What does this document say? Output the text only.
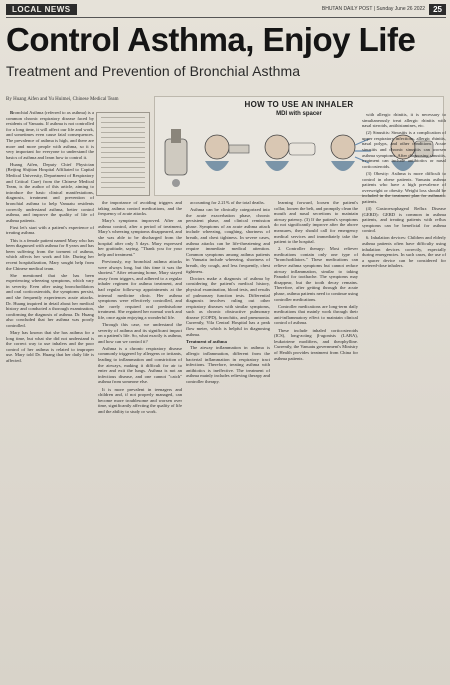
LOCAL NEWS	BHUTAN DAILY POST | Sunday June 26 2022	25
Control Asthma, Enjoy Life
Treatment and Prevention of Bronchial Asthma
By Huang Aifen and Yu Huimei, Chinese Medical Team
HOW TO USE AN INHALER
MDI with spacer

Bronchial Asthma (referred to as asthma) is a common chronic respiratory disease faced by residents of Vanuatu. If asthma is not controlled for a long time, it will affect our life and work, and sometimes even cause fatal consequences. The prevalence of asthma is high, and there are more and more people with asthma, so it is very important for everyone to understand the basics of asthma and learn how to control it.

Huang Aifen, Deputy Chief Physician (Beijing Shijitan Hospital Affiliated to Capital Medical University, Department of Respiratory and Critical Care) from the Chinese Medical Team, is the author of this article, aiming to introduce the basic clinical manifestations, diagnosis, treatment and prevention of bronchial asthma to help Vanuatu residents correctly understand asthma, better control asthma, and improve the quality of life of asthma patients.

First let's start with a patient's experience of treating asthma.

This is a female patient named Mary who has been diagnosed with asthma for 8 years and has been suffering from the torment of asthma, which affects her work and life. During her recent hospitalization, Mary sought help from the Chinese medical team.

She mentioned that she has been experiencing wheezing symptoms, which vary in severity. Even after using bronchodilators and oral corticosteroids, the symptoms persist, and she frequently experiences acute attacks. Dr. Huang inquired in detail about her medical history and conducted a thorough examination, confirming the diagnosis of asthma. Dr. Huang also concluded that her asthma was poorly controlled.

Mary has known that she has asthma for a long time, but what she did not understand is the correct way to use inhalers and the poor control of her asthma is related to improper use. Mary told Dr. Huang that her daily life is affected.

the importance of avoiding triggers and taking asthma control medications, and the frequency of acute attacks.

Mary's symptoms improved. After an asthma control, after a period of treatment, Mary's wheezing symptoms disappeared, and she was able to be discharged from the hospital after only 5 days. Mary expressed her gratitude, saying, "Thank you for your help and treatment."

Previously, my bronchial asthma attacks were always long, but this time it was the shortest." After returning home, Mary stayed away from triggers, and adhered to a regular inhaler regimen for asthma treatment, and had regular follow-up appointments at the internal medicine clinic. Her asthma symptoms were effectively controlled, and she rarely required oral prednisolone treatment. She regained her normal work and life, once again enjoying a wonderful life.

Through this case, we understand the severity of asthma and its significant impact on a patient's life. So, what exactly is asthma, and how can we control it?

Asthma is a chronic respiratory disease commonly triggered by allergens or irritants, leading to inflammation and constriction of the airways, making it difficult for air to enter and exit the lungs. Asthma is not an infectious disease, and one cannot "catch" asthma from someone else.

It is more prevalent in teenagers and children and, if not properly managed, can become more troublesome and worsen over time, significantly affecting the quality of life and the ability to study or work.

accounting for 2.21% of the total deaths.

Asthma can be clinically categorized into the acute exacerbation phase, chronic persistent phase, and clinical remission phase. Symptoms of an acute asthma attack include wheezing, coughing, shortness of breath, and chest tightness. In severe cases, asthma attacks can be life-threatening and require immediate medical attention. Common symptoms among asthma patients in Vanuatu include wheezing, shortness of breath, dry cough, and less frequently, chest tightness.

Doctors make a diagnosis of asthma by considering the patient's medical history, physical examination, blood tests, and results of pulmonary function tests. Differential diagnosis involves ruling out other respiratory diseases with similar symptoms, such as chronic obstructive pulmonary disease (COPD), bronchitis, and pneumonia. Currently, Vila Central Hospital has a peak flow meter, which is helpful in diagnosing asthma.

Treatment of asthma

The airway inflammation in asthma is allergic inflammation, different from the bacterial inflammation in respiratory tract infections. Therefore, treating asthma with antibiotics is ineffective. The treatment of asthma mainly includes relieving therapy and controller therapy.

learning forward, loosen the patient's collar, loosen the belt, and promptly clean the mouth and nasal secretions to maintain airway patency. (3) If the patient's symptoms do not significantly improve after the above measures, they should call for emergency medical services and immediately take the patient to the hospital.

2. Controller therapy: Most reliever medications contain only one type of "bronchodilators." These medications can relieve asthma symptoms but cannot reduce airway inflammation, similar to taking Panadol for toothache. The symptoms may disappear, but the tooth decay remains. Therefore, after getting through the acute phase, asthma patients need to continue using controller medications.

Controller medications are long-term daily medications that mainly work through their anti-inflammatory effect to maintain clinical control of asthma.

These include inhaled corticosteroids (ICS), long-acting β-agonists (LABA), leukotriene modifiers, and theophylline. Currently, the Vanuatu government's Ministry of Health provides treatment from China for asthma patients.

with allergic rhinitis, it is necessary to simultaneously treat allergic rhinitis with nasal steroids, antihistamines, etc.

(2) Sinusitis: Sinusitis is a complication of upper respiratory infections, allergic rhinitis, nasal polyps, and other conditions. Acute sinusitis and chronic sinusitis can worsen asthma symptoms. After diagnosing sinusitis, treatment can include antibiotics or nasal corticosteroids.

(3) Obesity: Asthma is more difficult to control in obese patients. Vanuatu asthma patients who have a high prevalence of overweight or obesity. Weight loss should be included in the treatment plan for asthmatic patients.

(4) Gastroesophageal Reflux Disease (GERD): GERD is common in asthma patients, and treating patients with reflux symptoms can be beneficial for asthma control.

6. Inhalation devices: Children and elderly asthma patients often have difficulty using inhalation devices correctly, especially during emergencies. In such cases, the use of a spacer device can be considered for metered-dose inhalers.
